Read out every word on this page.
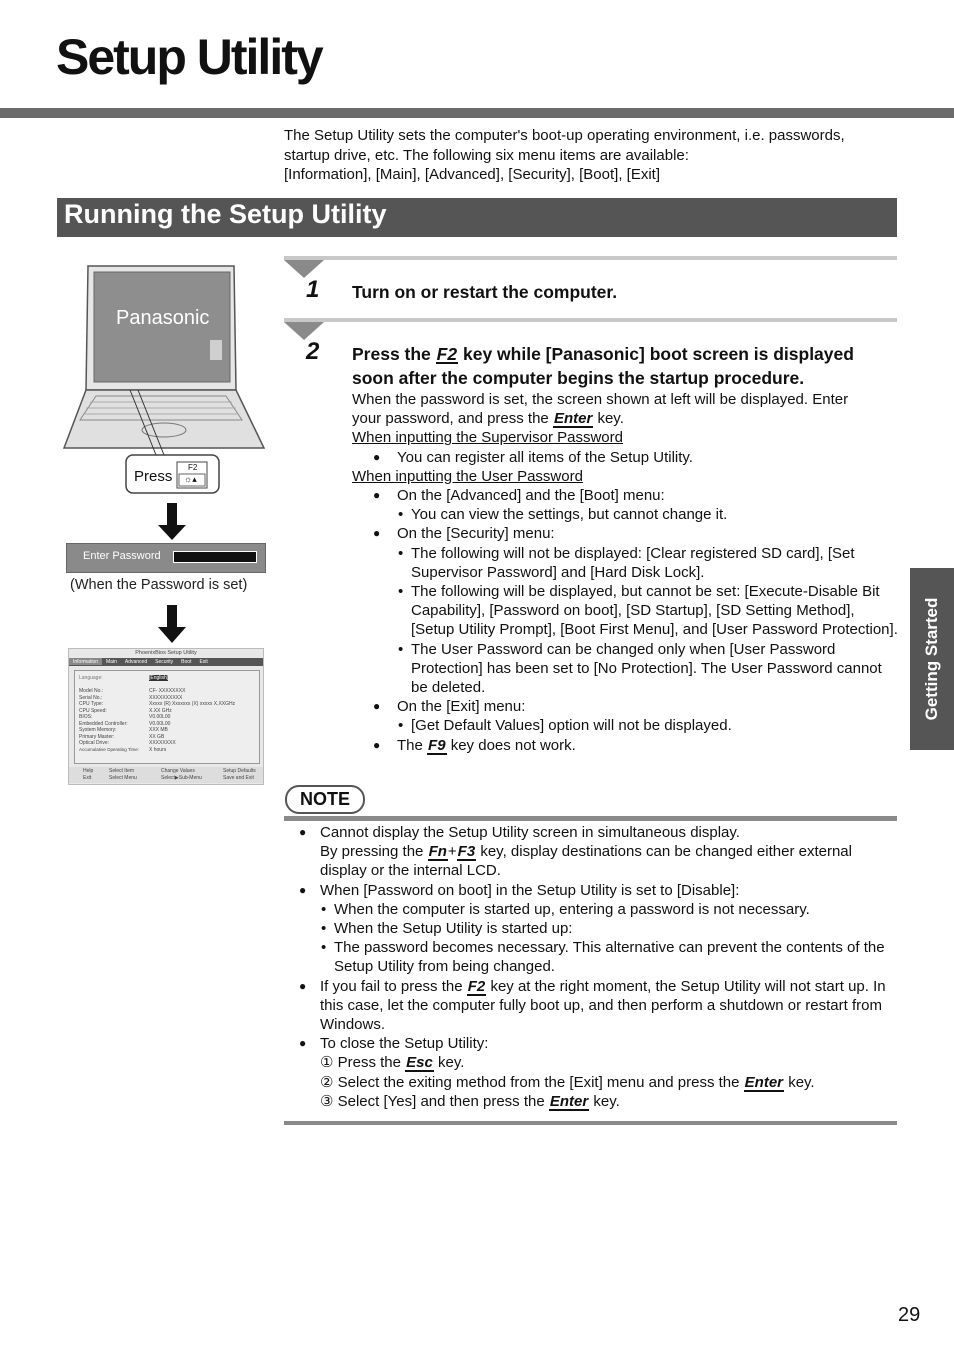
Setup Utility
The Setup Utility sets the computer's boot-up operating environment, i.e. passwords,
startup drive, etc. The following six menu items are available:
[Information], [Main], [Advanced], [Security], [Boot], [Exit]
Running the Setup Utility
Panasonic
Press
F2
☼▴
Enter Password
(When the Password is set)
PhoenixBios Setup Utility
Information Main Advanced Security Boot Exit
Language:	[English]
Model No.:	CF- XXXXXXXX
Serial No.:	XXXXXXXXXX
CPU Type:	Xxxxx (R) Xxxxxxx (X) xxxxx X.XXGHz
CPU Speed:	X.XX GHz
BIOS:	V0.00L00
Embedded Controller:	V0.00L00
System Memory:	XXX MB
Primary Master:	XX GB
Optical Drive:	XXXXXXXX
Accumulative Operating Time: X hours
Help	Select Item	Change Values	Setup Defaults
Exit	Select Menu	Select▶Sub-Menu	Save and Exit
1 Turn on or restart the computer.
2 Press the F2 key while [Panasonic] boot screen is displayed
soon after the computer begins the startup procedure.

When the password is set, the screen shown at left will be displayed. Enter

your password, and press the Enter key.

When inputting the Supervisor Password

● You can register all items of the Setup Utility.

When inputting the User Password

● On the [Advanced] and the [Boot] menu:

• You can view the settings, but cannot change it.

● On the [Security] menu:

• The following will not be displayed: [Clear registered SD card], [Set Supervisor Password] and [Hard Disk Lock].

• The following will be displayed, but cannot be set: [Execute-Disable Bit Capability], [Password on boot], [SD Startup], [SD Setting Method], [Setup Utility Prompt], [Boot First Menu], and [User Password Protection].

• The User Password can be changed only when [User Password Protection] has been set to [No Protection]. The User Password cannot be deleted.

● On the [Exit] menu:

• [Get Default Values] option will not be displayed.

● The F9 key does not work.

NOTE

● Cannot display the Setup Utility screen in simultaneous display.

By pressing the Fn+F3 key, display destinations can be changed either external display or the internal LCD.

● When [Password on boot] in the Setup Utility is set to [Disable]:

• When the computer is started up, entering a password is not necessary.

• When the Setup Utility is started up:

• The password becomes necessary. This alternative can prevent the contents of the Setup Utility from being changed.

● If you fail to press the F2 key at the right moment, the Setup Utility will not start up. In this case, let the computer fully boot up, and then perform a shutdown or restart from Windows.

● To close the Setup Utility:

① Press the Esc key.

② Select the exiting method from the [Exit] menu and press the Enter key.

③ Select [Yes] and then press the Enter key.

Getting Started
29
